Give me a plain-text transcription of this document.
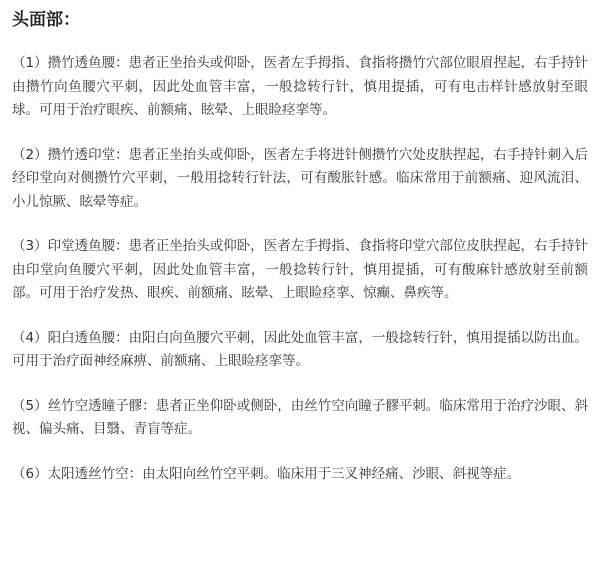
头面部：

（1）攒竹透鱼腰：患者正坐抬头或仰卧，医者左手拇指、食指将攒竹穴部位眼眉捏起，右手持针由攒竹向鱼腰穴平刺，因此处血管丰富，一般捻转行针，慎用提插，可有电击样针感放射至眼球。可用于治疗眼疾、前额痛、眩晕、上眼睑痉挛等。

（2）攒竹透印堂：患者正坐抬头或仰卧，医者左手将进针侧攒竹穴处皮肤捏起，右手持针刺入后经印堂向对侧攒竹穴平刺，一般用捻转行针法，可有酸胀针感。临床常用于前额痛、迎风流泪、小儿惊厥、眩晕等症。

（3）印堂透鱼腰：患者正坐抬头或仰卧，医者左手拇指、食指将印堂穴部位皮肤捏起，右手持针由印堂向鱼腰穴平刺，因此处血管丰富，一般捻转行针，慎用提插，可有酸麻针感放射至前额部。可用于治疗发热、眼疾、前额痛、眩晕、上眼睑痉挛、惊癫、鼻疾等。

（4）阳白透鱼腰：由阳白向鱼腰穴平刺，因此处血管丰富，一般捻转行针，慎用提插以防出血。可用于治疗面神经麻痹、前额痛、上眼睑痉挛等。

（5）丝竹空透瞳子髎：患者正坐仰卧或侧卧，由丝竹空向瞳子髎平刺。临床常用于治疗沙眼、斜视、偏头痛、目翳、青盲等症。

（6）太阳透丝竹空：由太阳向丝竹空平刺。临床用于三叉神经痛、沙眼、斜视等症。
